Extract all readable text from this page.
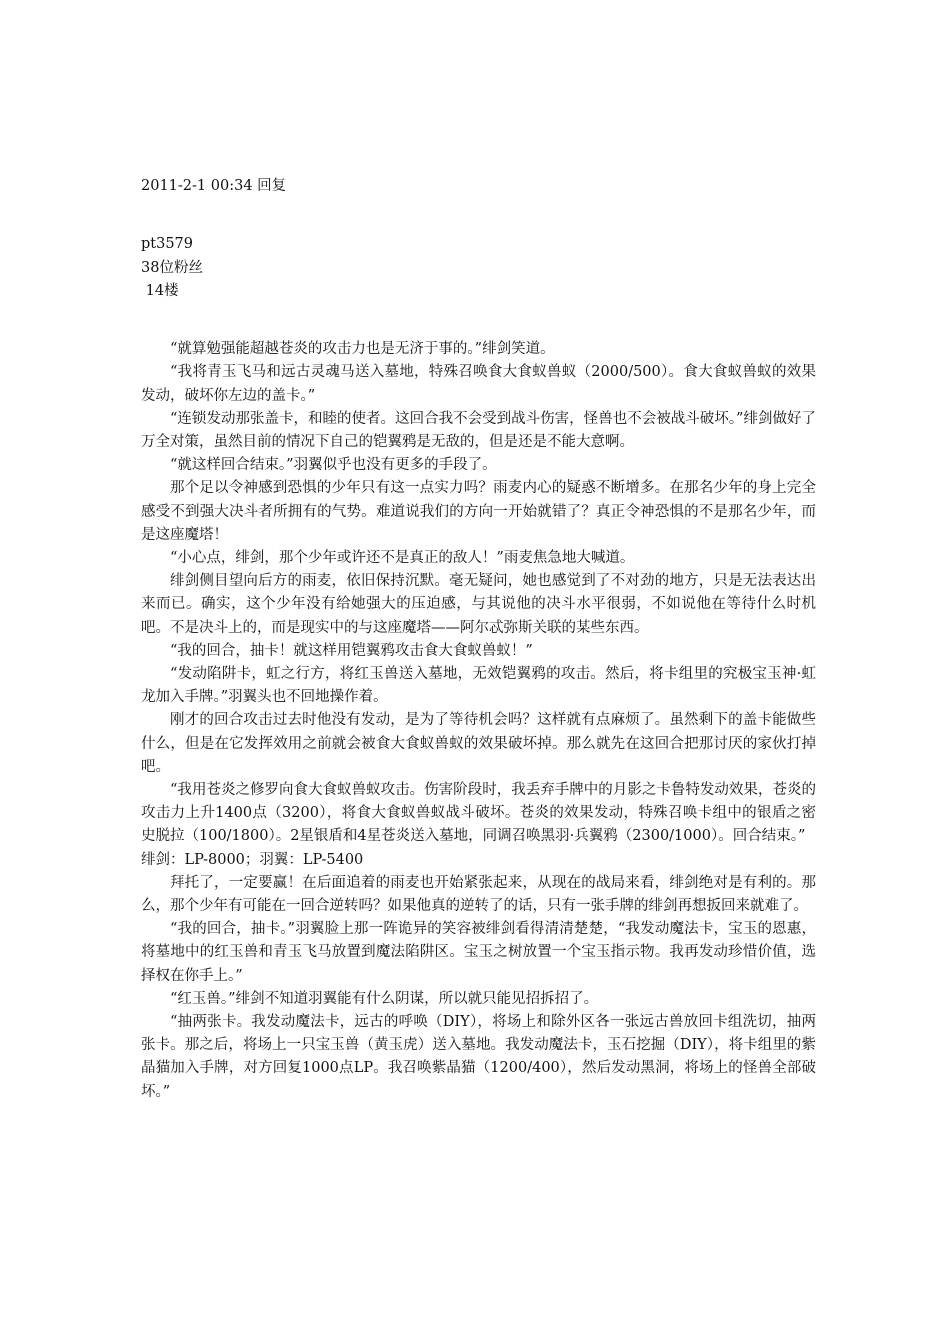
2011-2-1 00:34 回复

pt3579

38位粉丝

14楼

“就算勉强能超越苍炎的攻击力也是无济于事的。”绯剑笑道。

“我将青玉飞马和远古灵魂马送入墓地，特殊召唤食大食蚁兽蚁（2000/500）。食大食蚁兽蚁的效果发动，破坏你左边的盖卡。”

“连锁发动那张盖卡，和睦的使者。这回合我不会受到战斗伤害，怪兽也不会被战斗破坏。”绯剑做好了万全对策，虽然目前的情况下自己的铠翼鸦是无敌的，但是还是不能大意啊。

“就这样回合结束。”羽翼似乎也没有更多的手段了。

那个足以令神感到恐惧的少年只有这一点实力吗？雨麦内心的疑惑不断增多。在那名少年的身上完全感受不到强大决斗者所拥有的气势。难道说我们的方向一开始就错了？真正令神恐惧的不是那名少年，而是这座魔塔！

“小心点，绯剑，那个少年或许还不是真正的敌人！”雨麦焦急地大喊道。

绯剑侧目望向后方的雨麦，依旧保持沉默。毫无疑问，她也感觉到了不对劲的地方，只是无法表达出来而已。确实，这个少年没有给她强大的压迫感，与其说他的决斗水平很弱，不如说他在等待什么时机吧。不是决斗上的，而是现实中的与这座魔塔——阿尔忒弥斯关联的某些东西。

“我的回合，抽卡！就这样用铠翼鸦攻击食大食蚁兽蚁！”

“发动陷阱卡，虹之行方，将红玉兽送入墓地，无效铠翼鸦的攻击。然后，将卡组里的究极宝玉神·虹龙加入手牌。”羽翼头也不回地操作着。

刚才的回合攻击过去时他没有发动，是为了等待机会吗？这样就有点麻烦了。虽然剩下的盖卡能做些什么，但是在它发挥效用之前就会被食大食蚁兽蚁的效果破坏掉。那么就先在这回合把那讨厌的家伙打掉吧。

“我用苍炎之修罗向食大食蚁兽蚁攻击。伤害阶段时，我丢弃手牌中的月影之卡鲁特发动效果，苍炎的攻击力上升1400点（3200），将食大食蚁兽蚁战斗破坏。苍炎的效果发动，特殊召唤卡组中的银盾之密史脱拉（100/1800）。2星银盾和4星苍炎送入墓地，同调召唤黑羽·兵翼鸦（2300/1000）。回合结束。”

绯剑：LP-8000；羽翼：LP-5400

拜托了，一定要赢！在后面追着的雨麦也开始紧张起来，从现在的战局来看，绯剑绝对是有利的。那么，那个少年有可能在一回合逆转吗？如果他真的逆转了的话，只有一张手牌的绯剑再想扳回来就难了。

“我的回合，抽卡。”羽翼脸上那一阵诡异的笑容被绯剑看得清清楚楚，“我发动魔法卡，宝玉的恩惠，将墓地中的红玉兽和青玉飞马放置到魔法陷阱区。宝玉之树放置一个宝玉指示物。我再发动珍惜价值，选择权在你手上。”

“红玉兽。”绯剑不知道羽翼能有什么阴谋，所以就只能见招拆招了。

“抽两张卡。我发动魔法卡，远古的呼唤（DIY），将场上和除外区各一张远古兽放回卡组洗切，抽两张卡。那之后，将场上一只宝玉兽（黄玉虎）送入墓地。我发动魔法卡，玉石挖掘（DIY），将卡组里的紫晶猫加入手牌，对方回复1000点LP。我召唤紫晶猫（1200/400），然后发动黑洞，将场上的怪兽全部破坏。”
